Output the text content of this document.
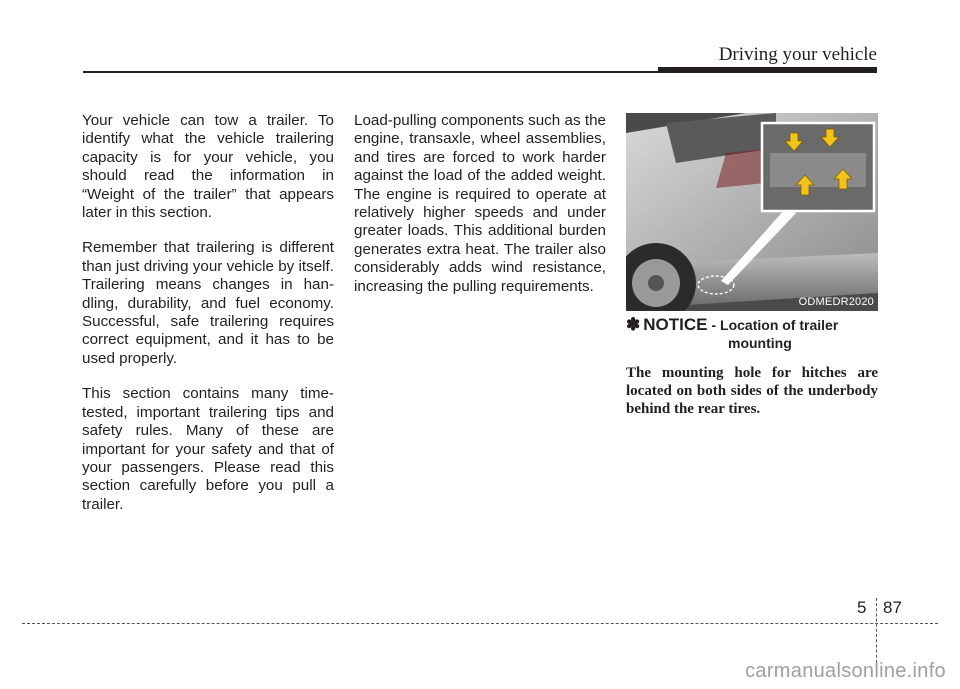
Driving your vehicle

Your vehicle can tow a trailer. To identify what the vehicle trailering capacity is for your vehicle, you should read the information in “Weight of the trailer” that appears later in this section.

Remember that trailering is different than just driving your vehicle by itself. Trailering means changes in handling, durability, and fuel economy. Successful, safe trailering requires correct equipment, and it has to be used properly.

This section contains many time-tested, important trailering tips and safety rules. Many of these are important for your safety and that of your passengers. Please read this section carefully before you pull a trailer.

Load-pulling components such as the engine, transaxle, wheel assemblies, and tires are forced to work harder against the load of the added weight. The engine is required to operate at relatively higher speeds and under greater loads. This additional burden generates extra heat. The trailer also considerably adds wind resistance, increasing the pulling requirements.

ODMEDR2020
✽ NOTICE - Location of trailer
mounting
The mounting hole for hitches are located on both sides of the underbody behind the rear tires.
5 87
carmanualsonline.info
